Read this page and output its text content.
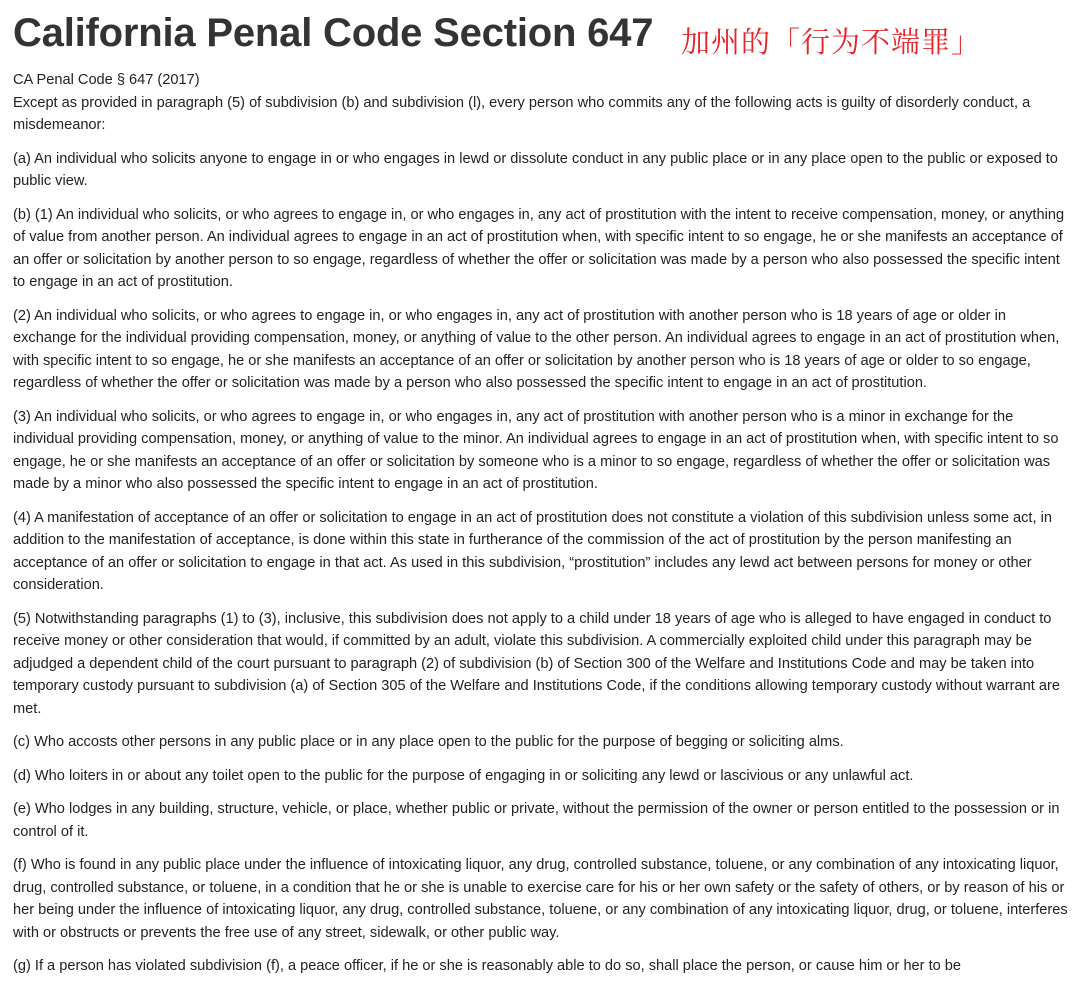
California Penal Code Section 647 加州的「行为不端罪」

CA Penal Code § 647 (2017)

Except as provided in paragraph (5) of subdivision (b) and subdivision (l), every person who commits any of the following acts is guilty of disorderly conduct, a misdemeanor:

(a) An individual who solicits anyone to engage in or who engages in lewd or dissolute conduct in any public place or in any place open to the public or exposed to public view.

(b) (1) An individual who solicits, or who agrees to engage in, or who engages in, any act of prostitution with the intent to receive compensation, money, or anything of value from another person. An individual agrees to engage in an act of prostitution when, with specific intent to so engage, he or she manifests an acceptance of an offer or solicitation by another person to so engage, regardless of whether the offer or solicitation was made by a person who also possessed the specific intent to engage in an act of prostitution.

(2) An individual who solicits, or who agrees to engage in, or who engages in, any act of prostitution with another person who is 18 years of age or older in exchange for the individual providing compensation, money, or anything of value to the other person. An individual agrees to engage in an act of prostitution when, with specific intent to so engage, he or she manifests an acceptance of an offer or solicitation by another person who is 18 years of age or older to so engage, regardless of whether the offer or solicitation was made by a person who also possessed the specific intent to engage in an act of prostitution.

(3) An individual who solicits, or who agrees to engage in, or who engages in, any act of prostitution with another person who is a minor in exchange for the individual providing compensation, money, or anything of value to the minor. An individual agrees to engage in an act of prostitution when, with specific intent to so engage, he or she manifests an acceptance of an offer or solicitation by someone who is a minor to so engage, regardless of whether the offer or solicitation was made by a minor who also possessed the specific intent to engage in an act of prostitution.

(4) A manifestation of acceptance of an offer or solicitation to engage in an act of prostitution does not constitute a violation of this subdivision unless some act, in addition to the manifestation of acceptance, is done within this state in furtherance of the commission of the act of prostitution by the person manifesting an acceptance of an offer or solicitation to engage in that act. As used in this subdivision, “prostitution” includes any lewd act between persons for money or other consideration.

(5) Notwithstanding paragraphs (1) to (3), inclusive, this subdivision does not apply to a child under 18 years of age who is alleged to have engaged in conduct to receive money or other consideration that would, if committed by an adult, violate this subdivision. A commercially exploited child under this paragraph may be adjudged a dependent child of the court pursuant to paragraph (2) of subdivision (b) of Section 300 of the Welfare and Institutions Code and may be taken into temporary custody pursuant to subdivision (a) of Section 305 of the Welfare and Institutions Code, if the conditions allowing temporary custody without warrant are met.

(c) Who accosts other persons in any public place or in any place open to the public for the purpose of begging or soliciting alms.

(d) Who loiters in or about any toilet open to the public for the purpose of engaging in or soliciting any lewd or lascivious or any unlawful act.

(e) Who lodges in any building, structure, vehicle, or place, whether public or private, without the permission of the owner or person entitled to the possession or in control of it.

(f) Who is found in any public place under the influence of intoxicating liquor, any drug, controlled substance, toluene, or any combination of any intoxicating liquor, drug, controlled substance, or toluene, in a condition that he or she is unable to exercise care for his or her own safety or the safety of others, or by reason of his or her being under the influence of intoxicating liquor, any drug, controlled substance, toluene, or any combination of any intoxicating liquor, drug, or toluene, interferes with or obstructs or prevents the free use of any street, sidewalk, or other public way.

(g) If a person has violated subdivision (f), a peace officer, if he or she is reasonably able to do so, shall place the person, or cause him or her to be
